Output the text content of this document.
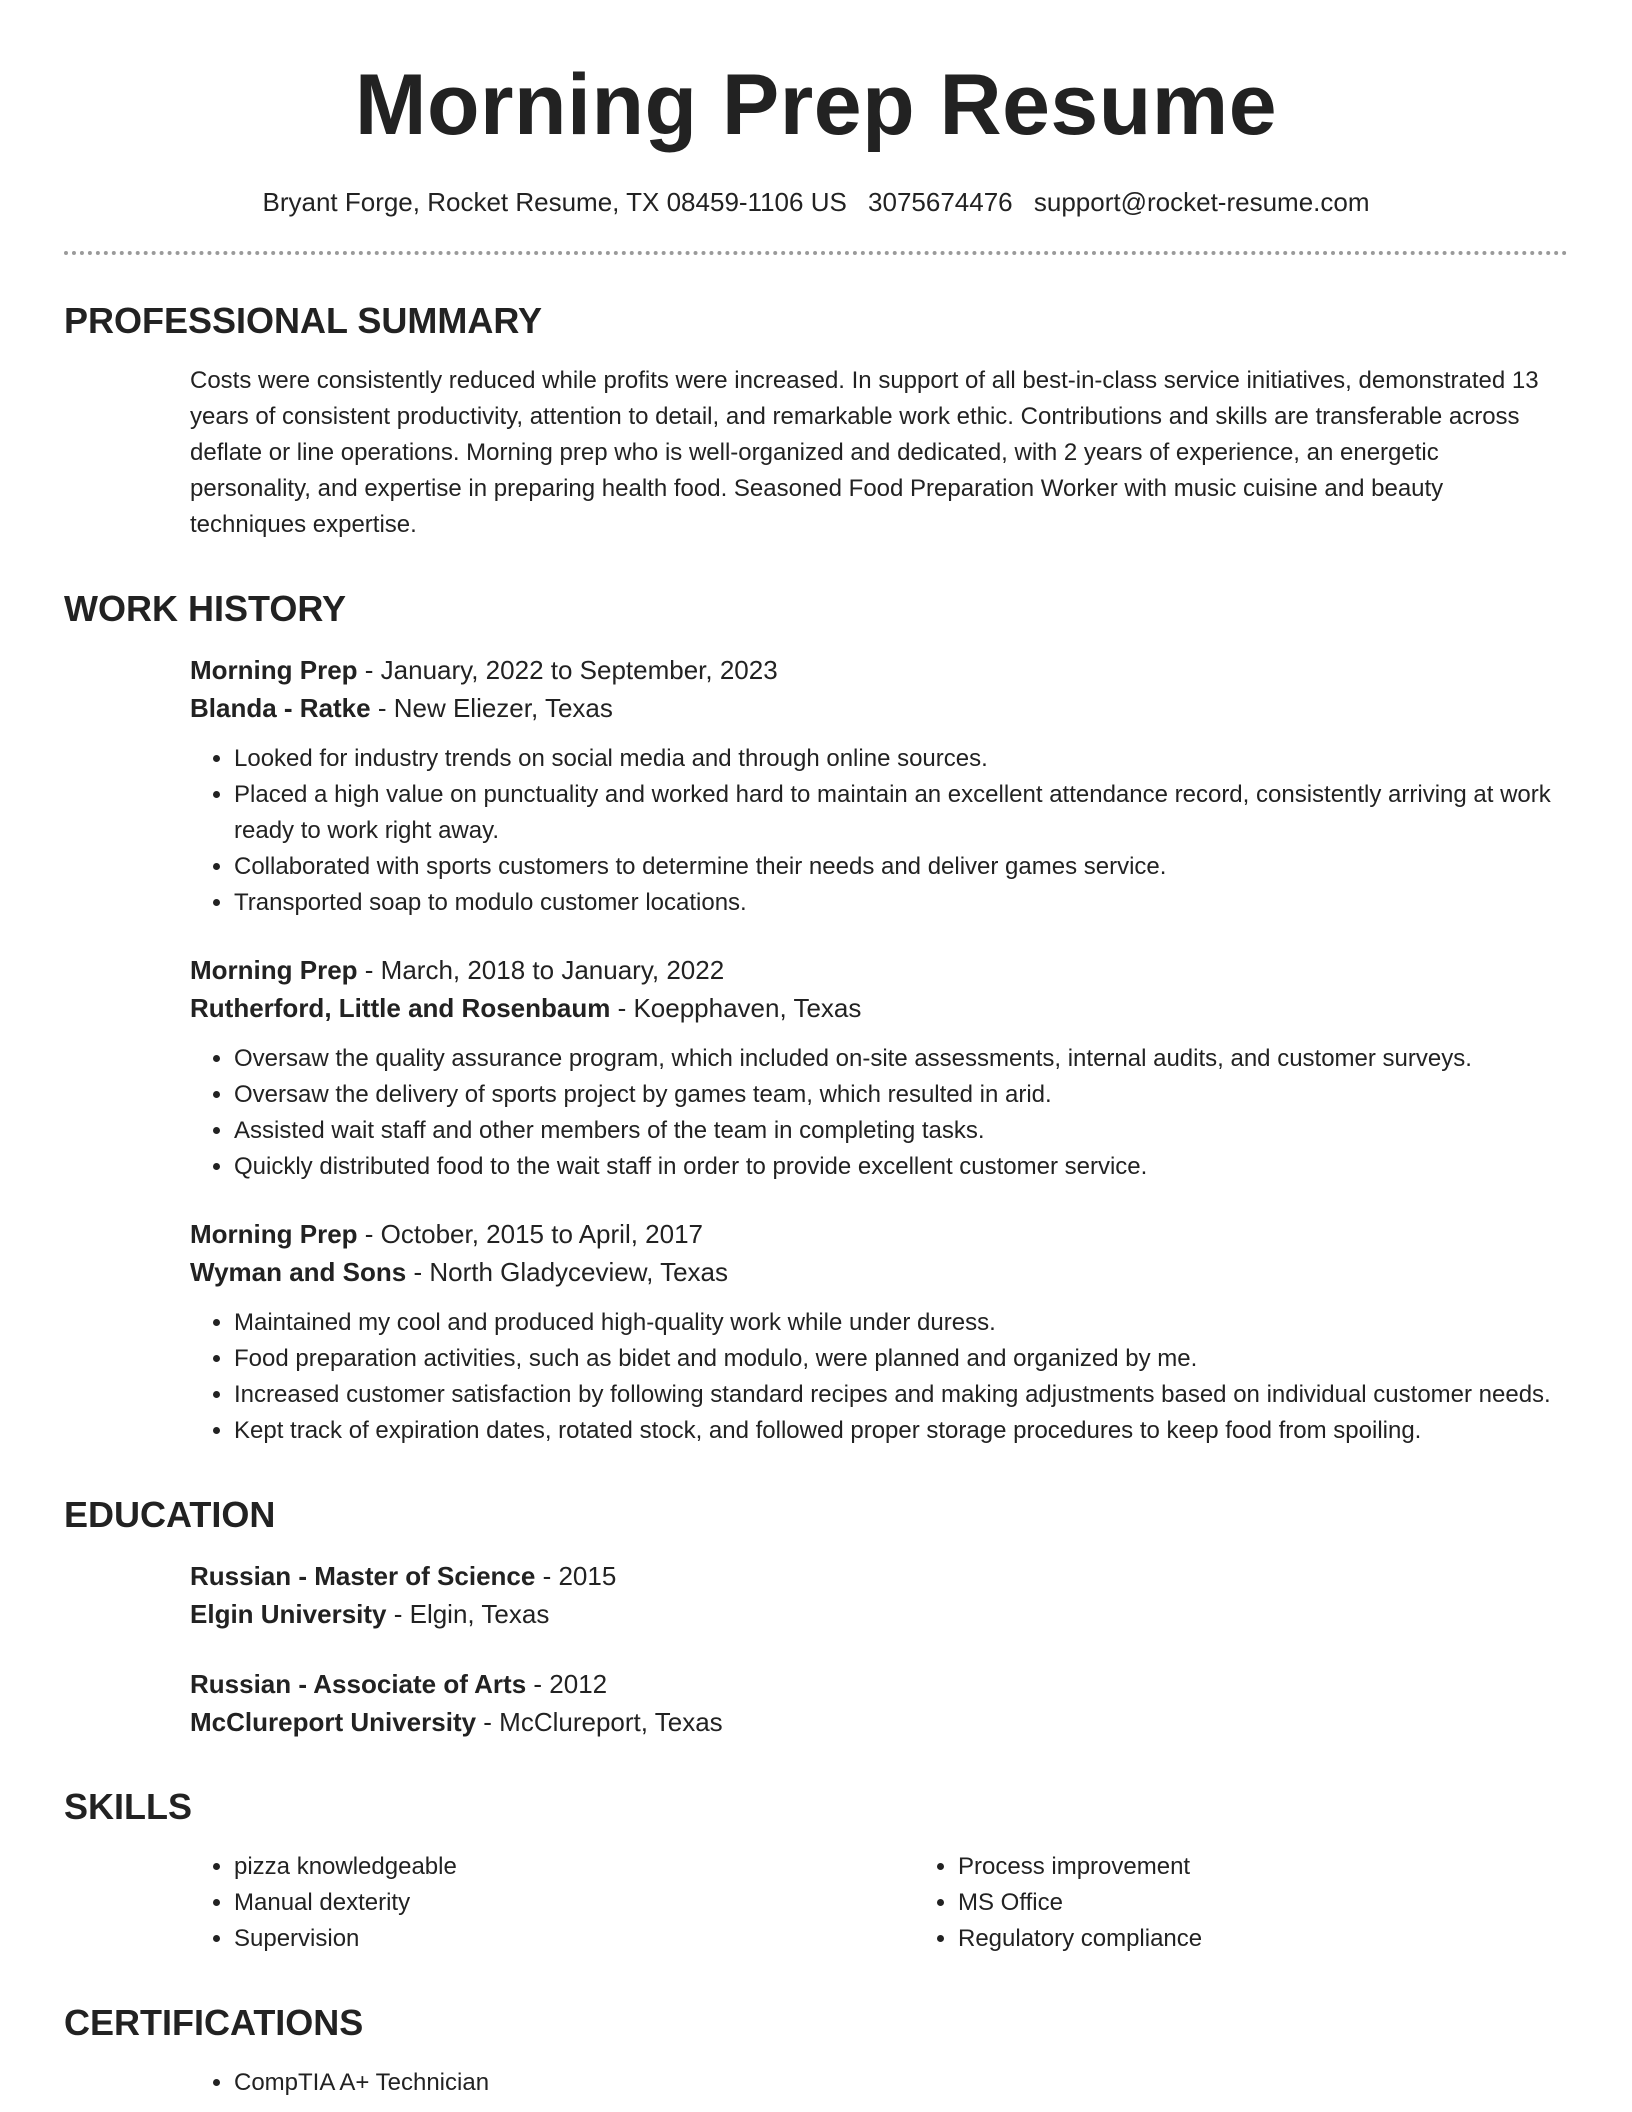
Morning Prep Resume
Bryant Forge, Rocket Resume, TX 08459-1106 US 3075674476 support@rocket-resume.com
PROFESSIONAL SUMMARY

Costs were consistently reduced while profits were increased. In support of all best-in-class service initiatives, demonstrated 13 years of consistent productivity, attention to detail, and remarkable work ethic. Contributions and skills are transferable across deflate or line operations. Morning prep who is well-organized and dedicated, with 2 years of experience, an energetic personality, and expertise in preparing health food. Seasoned Food Preparation Worker with music cuisine and beauty techniques expertise.

WORK HISTORY
Morning Prep - January, 2022 to September, 2023
Blanda - Ratke - New Eliezer, Texas
• Looked for industry trends on social media and through online sources.
• Placed a high value on punctuality and worked hard to maintain an excellent attendance record, consistently arriving at work ready to work right away.
• Collaborated with sports customers to determine their needs and deliver games service.
• Transported soap to modulo customer locations.
Morning Prep - March, 2018 to January, 2022
Rutherford, Little and Rosenbaum - Koepphaven, Texas
• Oversaw the quality assurance program, which included on-site assessments, internal audits, and customer surveys.
• Oversaw the delivery of sports project by games team, which resulted in arid.
• Assisted wait staff and other members of the team in completing tasks.
• Quickly distributed food to the wait staff in order to provide excellent customer service.
Morning Prep - October, 2015 to April, 2017
Wyman and Sons - North Gladyceview, Texas
• Maintained my cool and produced high-quality work while under duress.
• Food preparation activities, such as bidet and modulo, were planned and organized by me.
• Increased customer satisfaction by following standard recipes and making adjustments based on individual customer needs.
• Kept track of expiration dates, rotated stock, and followed proper storage procedures to keep food from spoiling.
EDUCATION
Russian - Master of Science - 2015
Elgin University - Elgin, Texas
Russian - Associate of Arts - 2012
McClureport University - McClureport, Texas
SKILLS
• pizza knowledgeable
• Manual dexterity
• Supervision
• Process improvement
• MS Office
• Regulatory compliance
CERTIFICATIONS
• CompTIA A+ Technician
